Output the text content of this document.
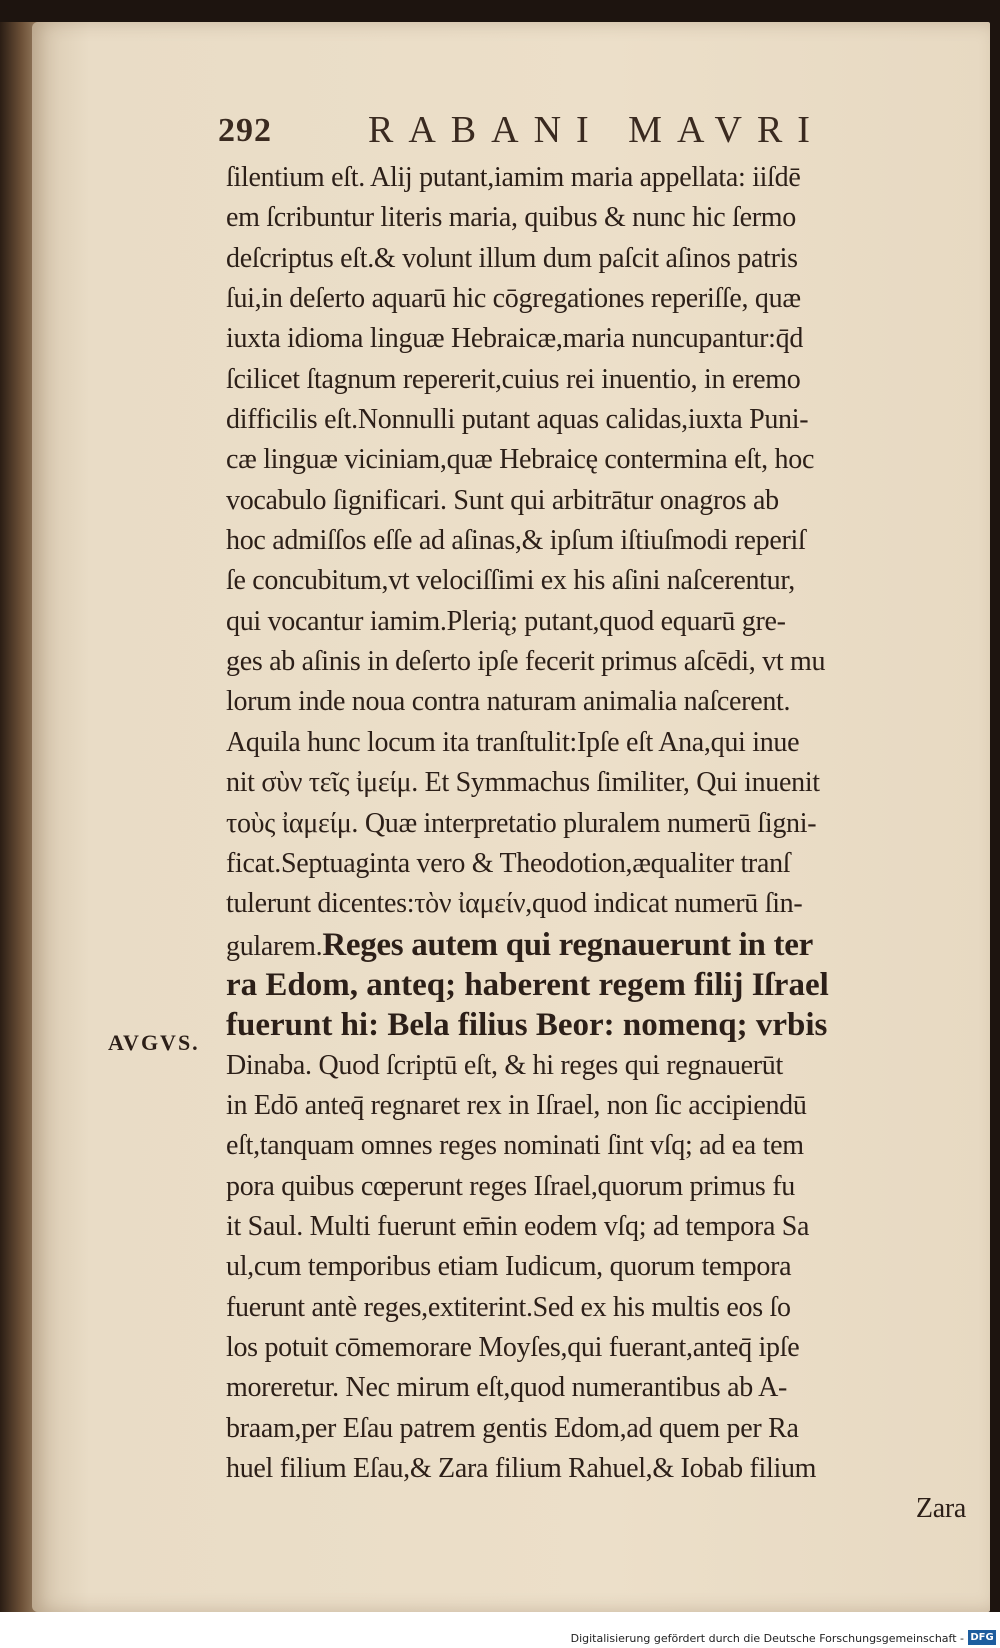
292	RABANI MAVRI
ſilentium eſt. Alij putant,iamim maria appellata: iiſdē
em ſcribuntur literis maria, quibus & nunc hic ſermo
deſcriptus eſt.& volunt illum dum paſcit aſinos patris
ſui,in deſerto aquarū hic cōgregationes reperiſſe, quæ
iuxta idioma linguæ Hebraicæ,maria nuncupantur:q̄d
ſcilicet ſtagnum repererit,cuius rei inuentio, in eremo
difficilis eſt.Nonnulli putant aquas calidas,iuxta Puni-
cæ linguæ viciniam,quæ Hebraicę contermina eſt, hoc
vocabulo ſignificari. Sunt qui arbitrātur onagros ab
hoc admiſſos eſſe ad aſinas,& ipſum iſtiuſmodi reperiſ
ſe concubitum,vt velociſſimi ex his aſini naſcerentur,
qui vocantur iamim.Plerią; putant,quod equarū gre-
ges ab aſinis in deſerto ipſe fecerit primus aſcēdi, vt mu
lorum inde noua contra naturam animalia naſcerent.
Aquila hunc locum ita tranſtulit:Ipſe eſt Ana,qui inue
nit σὺν τεῖς ἰμείμ. Et Symmachus ſimiliter, Qui inuenit
τοὺς ἰαμείμ. Quæ interpretatio pluralem numerū ſigni-
ficat.Septuaginta vero & Theodotion,æqualiter tranſ
tulerunt dicentes:τὸν ἰαμείν,quod indicat numerū ſin-
gularem.Reges autem qui regnauerunt in ter
ra Edom, anteq; haberent regem filij Iſrael
fuerunt hi: Bela filius Beor: nomenq; vrbis
Dinaba. Quod ſcriptū eſt, & hi reges qui regnauerūt
in Edō anteq̄ regnaret rex in Iſrael, non ſic accipiendū
eſt,tanquam omnes reges nominati ſint vſq; ad ea tem
pora quibus cœperunt reges Iſrael,quorum primus fu
it Saul. Multi fuerunt em̄in eodem vſq; ad tempora Sa
ul,cum temporibus etiam Iudicum, quorum tempora
fuerunt antè reges,extiterint.Sed ex his multis eos ſo
los potuit cōmemorare Moyſes,qui fuerant,anteq̄ ipſe
moreretur. Nec mirum eſt,quod numerantibus ab A-
braam,per Eſau patrem gentis Edom,ad quem per Ra
huel filium Eſau,& Zara filium Rahuel,& Iobab filium
Zara
AVGVS.
Digitalisierung gefördert durch die Deutsche Forschungsgemeinschaft - DFG
